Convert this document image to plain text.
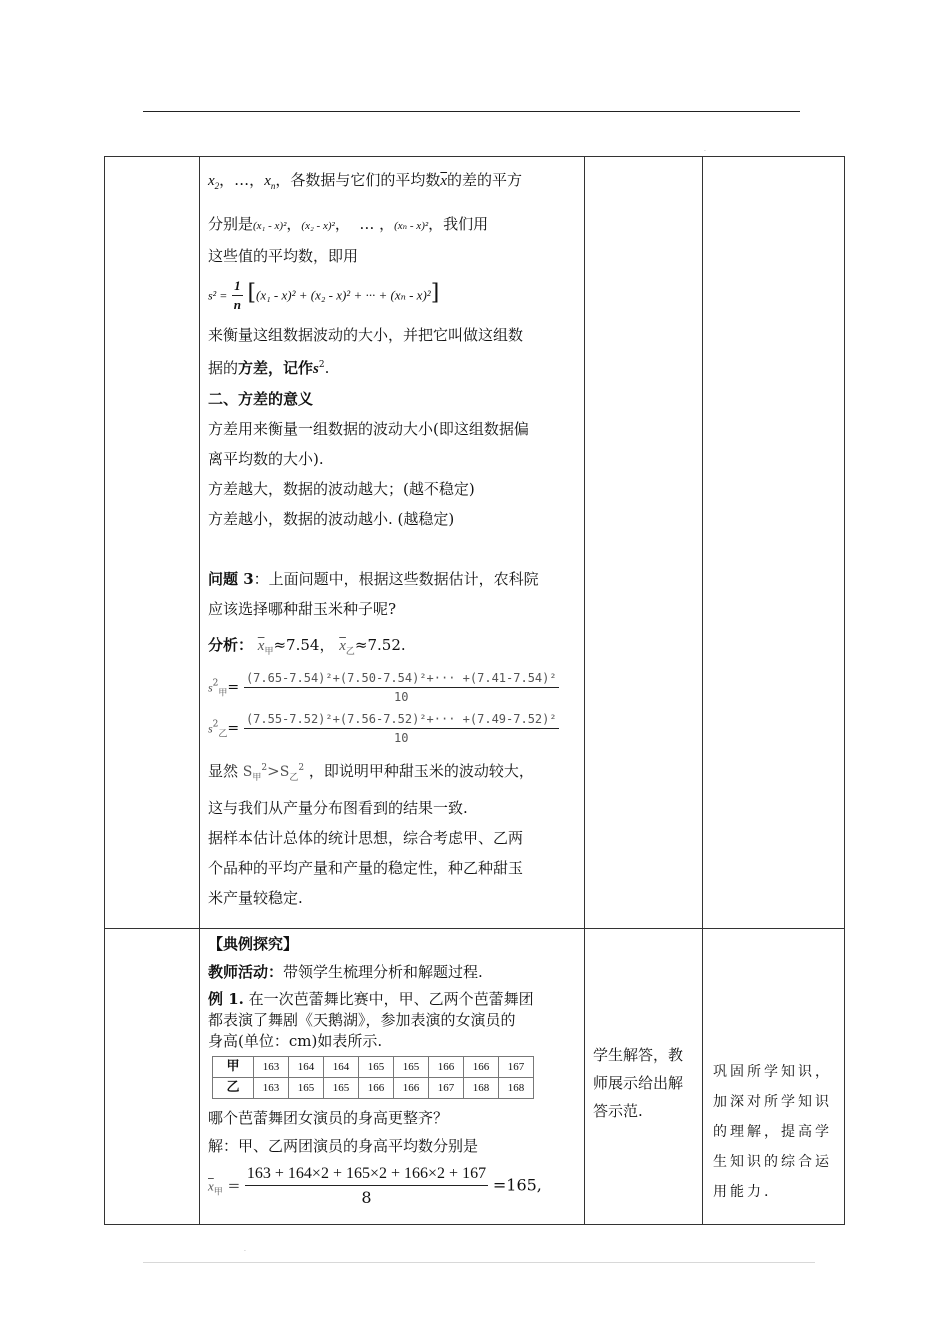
.

$x_2$，…，$x_n$，各数据与它们的平均数$\overline{x}$的差的平方

分别是(x₁ - x)²，(x₂ - x)²，  … ，(xₙ - x)²，我们用

这些值的平均数，即用

$s^2 = \frac{1}{n} [(x_1 - x)^2 + (x_2 - x)^2$ + ··· + (xₙ - x)²]

来衡量这组数据波动的大小，并把它叫做这组数

据的方差，记作$s^2$.

二、方差的意义

方差用来衡量一组数据的波动大小(即这组数据偏

离平均数的大小).

方差越大，数据的波动越大；(越不稳定)

方差越小，数据的波动越小. (越稳定)

问题 3：上面问题中，根据这些数据估计，农科院

应该选择哪种甜玉米种子呢?

分析： $\overline{x}_甲\approx 7.54$， $\overline{x}_乙\approx 7.52$.

$s^2_甲= \frac{\text{(7.65-7.54)²+(7.50-7.54)²+··· +(7.41-7.54)²}}{10}$
$s^2_乙= \frac{\text{(7.55-7.52)²+(7.56-7.52)²+··· +(7.49-7.52)²}}{10}$

显然 $S_甲^2>S_乙^2$ ，即说明甲种甜玉米的波动较大，

这与我们从产量分布图看到的结果一致.

据样本估计总体的统计思想，综合考虑甲、乙两

个品种的平均产量和产量的稳定性，种乙种甜玉

米产量较稳定.

【典例探究】

教师活动：带领学生梳理分析和解题过程.

例 1. 在一次芭蕾舞比赛中，甲、乙两个芭蕾舞团
都表演了舞剧《天鹅湖》，参加表演的女演员的
身高(单位：cm)如表所示.

甲	163	164	164	165	165	166	166	167
乙	163	165	165	166	166	167	168	168

哪个芭蕾舞团女演员的身高更整齐？

解：甲、乙两团演员的身高平均数分别是

$\overline{x}_甲 = \frac{163 + 164\times 2 + 165\times 2 + 166\times 2 + 167}{8} =165$,

学生解答，教师展示给出解答示范.

巩固所学知识，加深对所学知识的理解，提高学生知识的综合运用能力.
.
